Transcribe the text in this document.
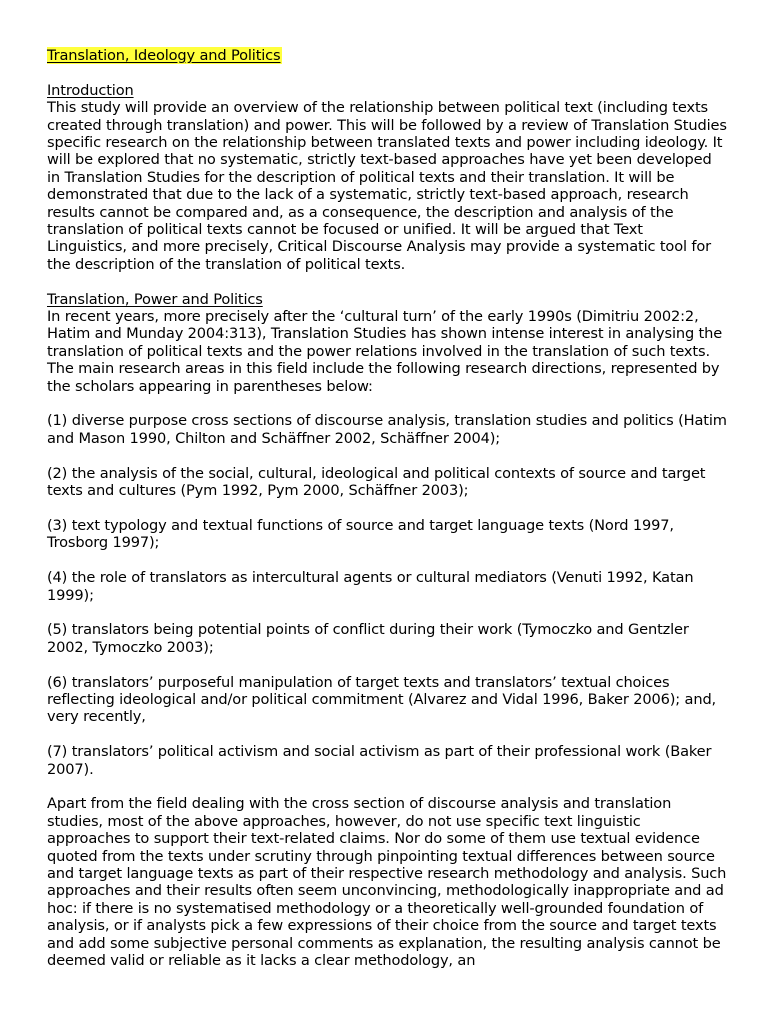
Translation, Ideology and Politics
Introduction

This study will provide an overview of the relationship between political text (including texts created through translation) and power. This will be followed by a review of Translation Studies specific research on the relationship between translated texts and power including ideology. It will be explored that no systematic, strictly text-based approaches have yet been developed in Translation Studies for the description of political texts and their translation. It will be demonstrated that due to the lack of a systematic, strictly text-based approach, research results cannot be compared and, as a consequence, the description and analysis of the translation of political texts cannot be focused or unified. It will be argued that Text Linguistics, and more precisely, Critical Discourse Analysis may provide a systematic tool for the description of the translation of political texts.

Translation, Power and Politics

In recent years, more precisely after the ‘cultural turn’ of the early 1990s (Dimitriu 2002:2, Hatim and Munday 2004:313), Translation Studies has shown intense interest in analysing the translation of political texts and the power relations involved in the translation of such texts. The main research areas in this field include the following research directions, represented by the scholars appearing in parentheses below:

(1) diverse purpose cross sections of discourse analysis, translation studies and politics (Hatim and Mason 1990, Chilton and Schäffner 2002, Schäffner 2004);

(2) the analysis of the social, cultural, ideological and political contexts of source and target texts and cultures (Pym 1992, Pym 2000, Schäffner 2003);

(3) text typology and textual functions of source and target language texts (Nord 1997, Trosborg 1997);

(4) the role of translators as intercultural agents or cultural mediators (Venuti 1992, Katan 1999);

(5) translators being potential points of conflict during their work (Tymoczko and Gentzler 2002, Tymoczko 2003);

(6) translators’ purposeful manipulation of target texts and translators’ textual choices reflecting ideological and/or political commitment (Alvarez and Vidal 1996, Baker 2006); and, very recently,

(7) translators’ political activism and social activism as part of their professional work (Baker 2007).

Apart from the field dealing with the cross section of discourse analysis and translation studies, most of the above approaches, however, do not use specific text linguistic approaches to support their text-related claims. Nor do some of them use textual evidence quoted from the texts under scrutiny through pinpointing textual differences between source and target language texts as part of their respective research methodology and analysis. Such approaches and their results often seem unconvincing, methodologically inappropriate and ad hoc: if there is no systematised methodology or a theoretically well-grounded foundation of analysis, or if analysts pick a few expressions of their choice from the source and target texts and add some subjective personal comments as explanation, the resulting analysis cannot be deemed valid or reliable as it lacks a clear methodology, an
